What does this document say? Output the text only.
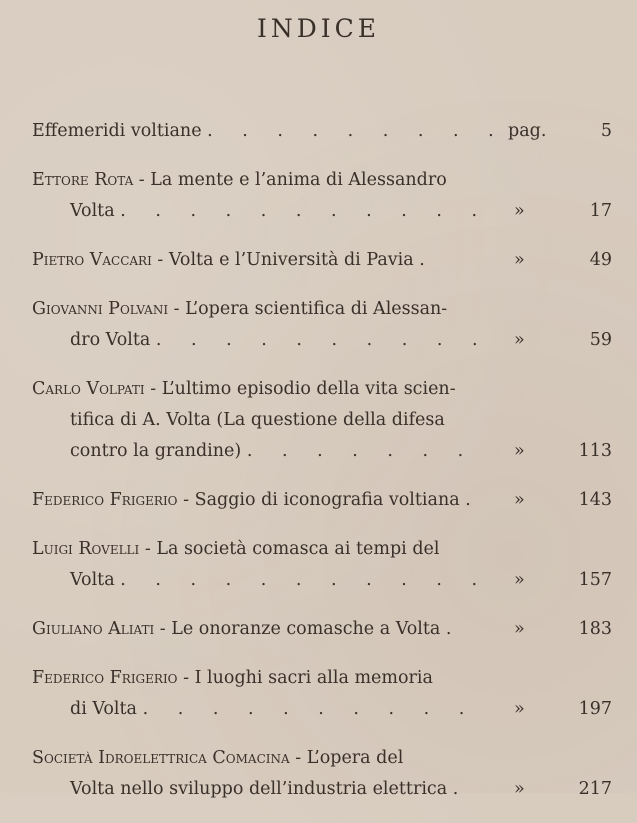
INDICE
Effemeridi voltiane . . . . . . . . . pag.	5
Ettore Rota - La mente e l’anima di Alessandro
Volta . . . . . . . . . . . »	17
Pietro Vaccari - Volta e l’Università di Pavia .	»	49
Giovanni Polvani - L’opera scientifica di Alessan-
dro Volta . . . . . . . . . . »	59
Carlo Volpati - L’ultimo episodio della vita scien-
tifica di A. Volta (La questione della difesa
contro la grandine) . . . . . . . »	113
Federico Frigerio - Saggio di iconografia voltiana . »	143
Luigi Rovelli - La società comasca ai tempi del
Volta . . . . . . . . . . . »	157
Giuliano Aliati - Le onoranze comasche a Volta .	»	183
Federico Frigerio - I luoghi sacri alla memoria
di Volta . . . . . . . . . . »	197
Società Idroelettrica Comacina - L’opera del
Volta nello sviluppo dell’industria elettrica . »	217
